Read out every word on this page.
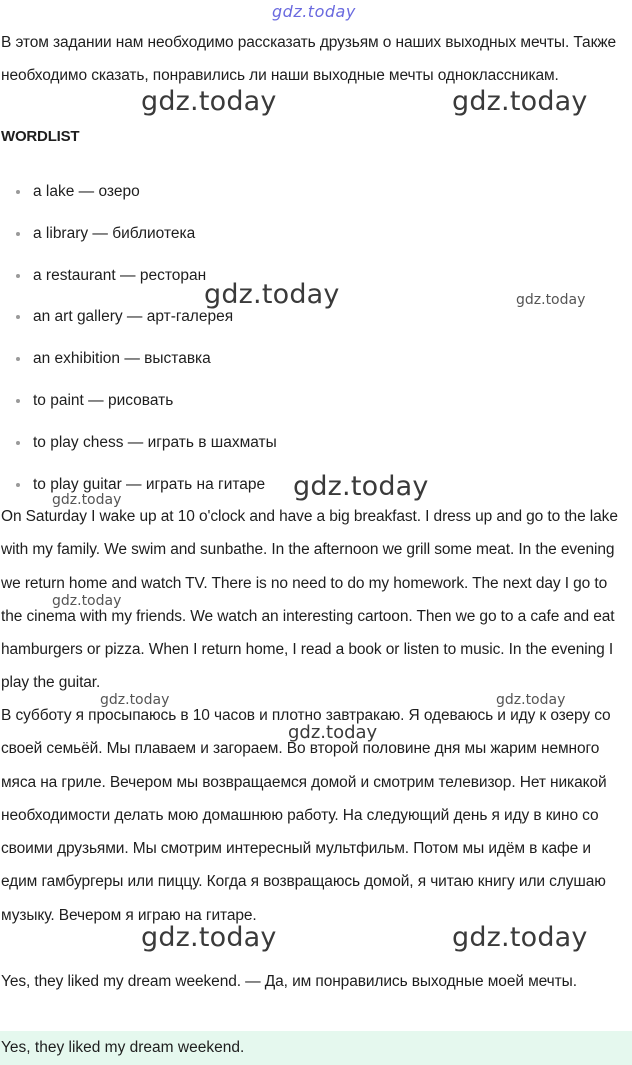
gdz.today

В этом задании нам необходимо рассказать друзьям о наших выходных мечты. Также необходимо сказать, понравились ли наши выходные мечты одноклассникам.

WORDLIST
a lake — озеро
a library — библиотека
a restaurant — ресторан
an art gallery — арт-галерея
an exhibition — выставка
to paint — рисовать
to play chess — играть в шахматы
to play guitar — играть на гитаре

On Saturday I wake up at 10 o'clock and have a big breakfast. I dress up and go to the lake with my family. We swim and sunbathe. In the afternoon we grill some meat. In the evening we return home and watch TV. There is no need to do my homework. The next day I go to the cinema with my friends. We watch an interesting cartoon. Then we go to a cafe and eat hamburgers or pizza. When I return home, I read a book or listen to music. In the evening I play the guitar.

В субботу я просыпаюсь в 10 часов и плотно завтракаю. Я одеваюсь и иду к озеру со своей семьёй. Мы плаваем и загораем. Во второй половине дня мы жарим немного мяса на гриле. Вечером мы возвращаемся домой и смотрим телевизор. Нет никакой необходимости делать мою домашнюю работу. На следующий день я иду в кино со своими друзьями. Мы смотрим интересный мультфильм. Потом мы идём в кафе и едим гамбургеры или пиццу. Когда я возвращаюсь домой, я читаю книгу или слушаю музыку. Вечером я играю на гитаре.

Yes, they liked my dream weekend. — Да, им понравились выходные моей мечты.

Yes, they liked my dream weekend.
gdz.today	gdz.today
gdz.today	gdz.today
gdz.today
gdz.today
gdz.today
gdz.today	gdz.today
gdz.today
gdz.today	gdz.today
